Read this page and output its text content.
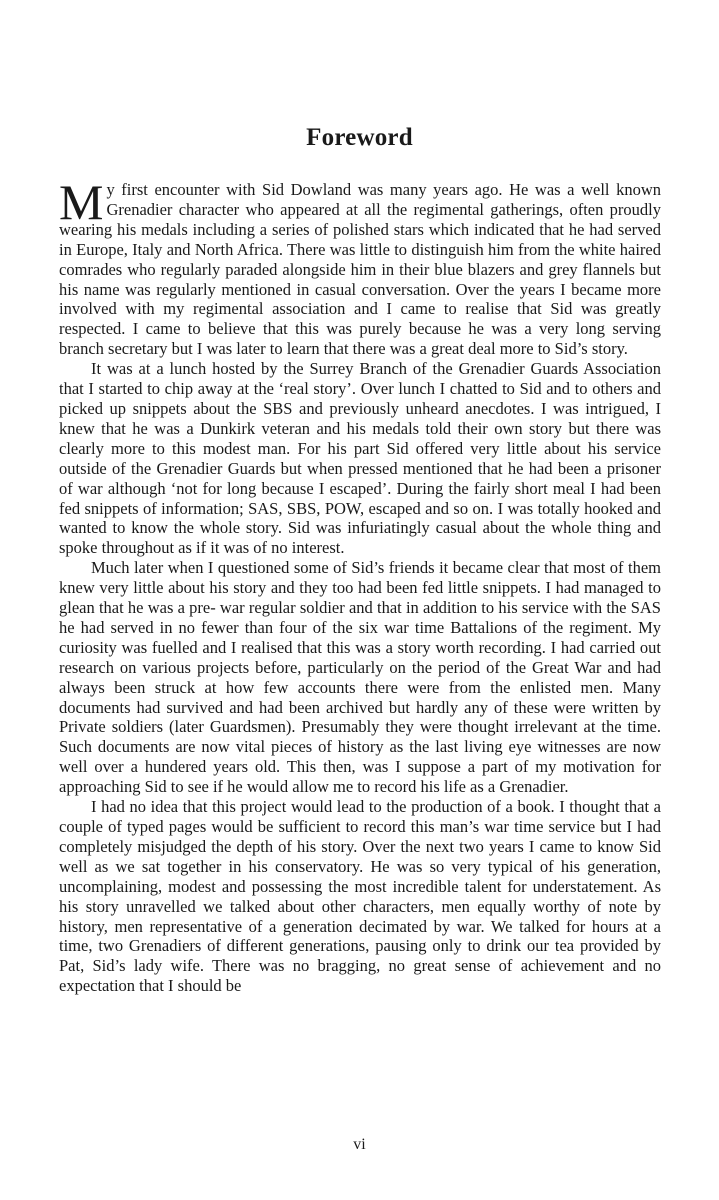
Foreword

My first encounter with Sid Dowland was many years ago. He was a well known Grenadier character who appeared at all the regimental gatherings, often proudly wearing his medals including a series of polished stars which indicated that he had served in Europe, Italy and North Africa. There was little to distinguish him from the white haired comrades who regularly paraded alongside him in their blue blazers and grey flannels but his name was regularly mentioned in casual conversation. Over the years I became more involved with my regimental association and I came to realise that Sid was greatly respected. I came to believe that this was purely because he was a very long serving branch secretary but I was later to learn that there was a great deal more to Sid’s story.

It was at a lunch hosted by the Surrey Branch of the Grenadier Guards Association that I started to chip away at the ‘real story’. Over lunch I chatted to Sid and to others and picked up snippets about the SBS and previously unheard anecdotes. I was intrigued, I knew that he was a Dunkirk veteran and his medals told their own story but there was clearly more to this modest man. For his part Sid offered very little about his service outside of the Grenadier Guards but when pressed mentioned that he had been a prisoner of war although ‘not for long because I escaped’. During the fairly short meal I had been fed snippets of information; SAS, SBS, POW, escaped and so on. I was totally hooked and wanted to know the whole story. Sid was infuriatingly casual about the whole thing and spoke throughout as if it was of no interest.

Much later when I questioned some of Sid’s friends it became clear that most of them knew very little about his story and they too had been fed little snippets. I had managed to glean that he was a pre- war regular soldier and that in addition to his service with the SAS he had served in no fewer than four of the six war time Battalions of the regiment. My curiosity was fuelled and I realised that this was a story worth recording. I had carried out research on various projects before, particularly on the period of the Great War and had always been struck at how few accounts there were from the enlisted men. Many documents had survived and had been archived but hardly any of these were written by Private soldiers (later Guardsmen). Presumably they were thought irrelevant at the time. Such documents are now vital pieces of history as the last living eye witnesses are now well over a hundered years old. This then, was I suppose a part of my motivation for approaching Sid to see if he would allow me to record his life as a Grenadier.

I had no idea that this project would lead to the production of a book. I thought that a couple of typed pages would be sufficient to record this man’s war time service but I had completely misjudged the depth of his story. Over the next two years I came to know Sid well as we sat together in his conservatory. He was so very typical of his generation, uncomplaining, modest and possessing the most incredible talent for understatement. As his story unravelled we talked about other characters, men equally worthy of note by history, men representative of a generation decimated by war. We talked for hours at a time, two Grenadiers of different generations, pausing only to drink our tea provided by Pat, Sid’s lady wife. There was no bragging, no great sense of achievement and no expectation that I should be

vi
